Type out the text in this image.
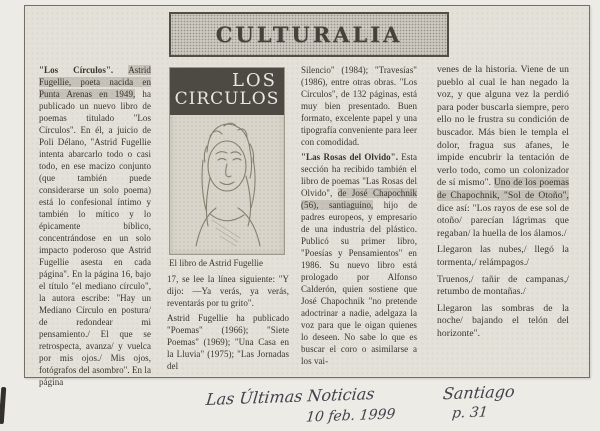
CULTURALIA

"Los Círculos". Astrid Fugellie, poeta nacida en Punta Arenas en 1949, ha publicado un nuevo libro de poemas titulado "Los Círculos". En él, a juicio de Poli Délano, "Astrid Fugellie intenta abarcarlo todo o casi todo, en ese macizo conjunto (que también puede considerarse un solo poema) está lo confesional íntimo y también lo mítico y lo épicamente bíblico, concentrándose en un solo impacto poderoso que Astrid Fugellie asesta en cada página". En la página 16, bajo el título "el mediano círculo", la autora escribe: "Hay un Mediano Círculo en postura/ de redondear mi pensamiento./ El que se retrospecta, avanza/ y vuelca por mis ojos./ Mis ojos, fotógrafos del asombro". En la página

LOS
CIRCULOS
El libro de Astrid Fugellie

17, se lee la línea siguiente: "Y dijo: —Ya verás, ya verás, reventarás por tu grito".

Astrid Fugellie ha publicado "Poemas" (1966); "Siete Poemas" (1969); "Una Casa en la Lluvia" (1975); "Las Jornadas del

Silencio" (1984); "Travesías" (1986), entre otras obras. "Los Círculos", de 132 páginas, está muy bien presentado. Buen formato, excelente papel y una tipografía conveniente para leer con comodidad.

"Las Rosas del Olvido". Esta sección ha recibido también el libro de poemas "Las Rosas del Olvido", de José Chapochnik (56), santiaguino, hijo de padres europeos, y empresario de una industria del plástico. Publicó su primer libro, "Poesías y Pensamientos" en 1986. Su nuevo libro está prologado por Alfonso Calderón, quien sostiene que José Chapochnik "no pretende adoctrinar a nadie, adelgaza la voz para que le oigan quienes lo deseen. No sabe lo que es buscar el coro o asimilarse a los vai-

venes de la historia. Viene de un pueblo al cual le han negado la voz, y que alguna vez la perdió para poder buscarla siempre, pero ello no le frustra su condición de buscador. Más bien le templa el dolor, fragua sus afanes, le impide encubrir la tentación de verlo todo, como un colonizador de sí mismo". Uno de los poemas de Chapochnik, "Sol de Otoño", dice así: "Los rayos de ese sol de otoño/ parecían lágrimas que regaban/ la huella de los álamos./

Llegaron las nubes,/ llegó la tormenta,/ relámpagos./

Truenos,/ tañir de campanas,/ retumbo de montañas./

Llegaron las sombras de la noche/ bajando el telón del horizonte".

Las Últimas Noticias	Santiago
10 feb. 1999	p. 31
